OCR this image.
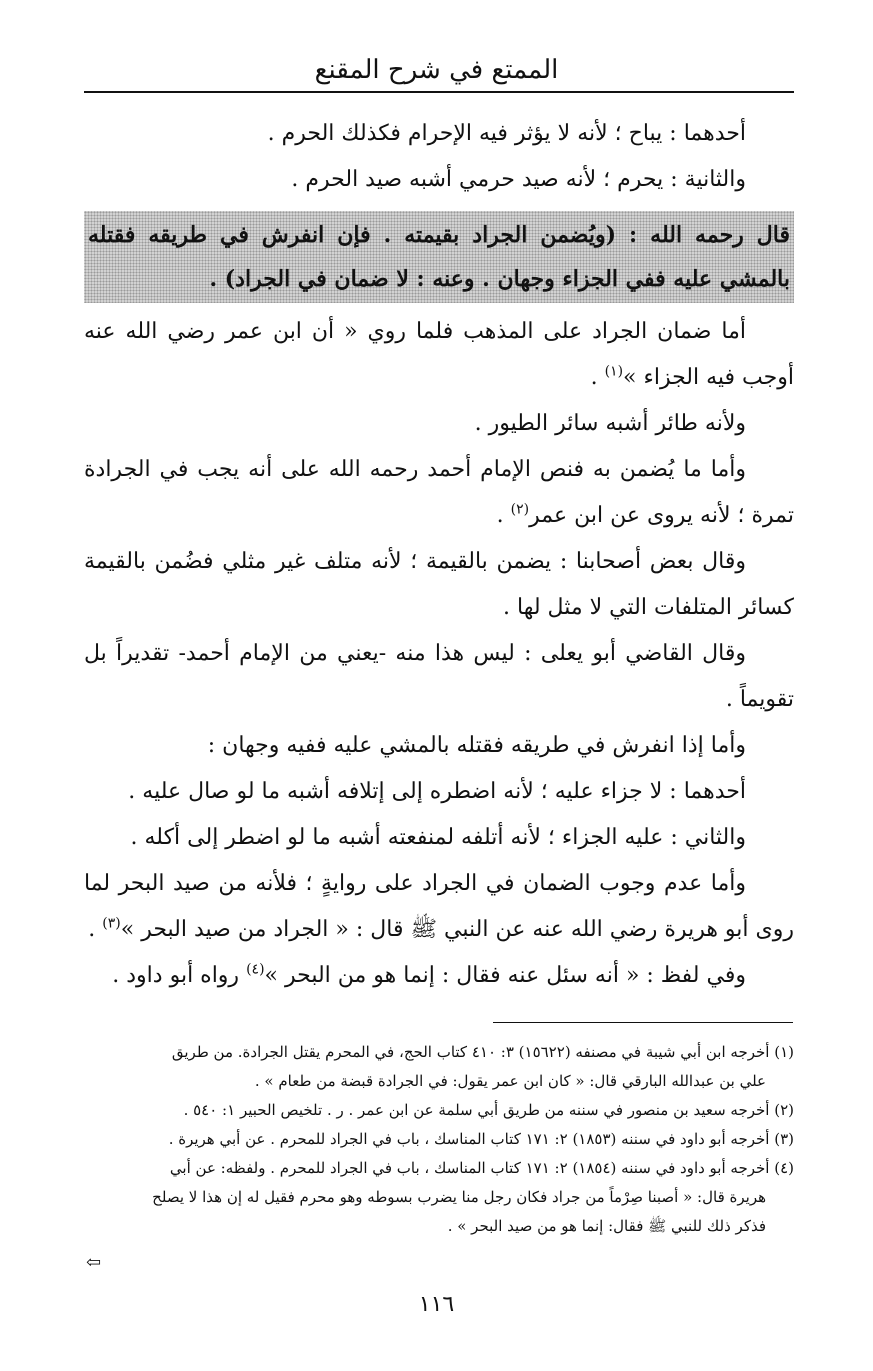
الممتع في شرح المقنع

أحدهما : يباح ؛ لأنه لا يؤثر فيه الإحرام فكذلك الحرم .

والثانية : يحرم ؛ لأنه صيد حرمي أشبه صيد الحرم .

قال رحمه الله : (ويُضمن الجراد بقيمته . فإن انفرش في طريقه فقتله بالمشي عليه ففي الجزاء وجهان . وعنه : لا ضمان في الجراد) .

أما ضمان الجراد على المذهب فلما روي « أن ابن عمر رضي الله عنه أوجب فيه الجزاء »$^{(١)}$ .

ولأنه طائر أشبه سائر الطيور .

وأما ما يُضمن به فنص الإمام أحمد رحمه الله على أنه يجب في الجرادة تمرة ؛ لأنه يروى عن ابن عمر$^{(٢)}$ .

وقال بعض أصحابنا : يضمن بالقيمة ؛ لأنه متلف غير مثلي فضُمن بالقيمة كسائر المتلفات التي لا مثل لها .

وقال القاضي أبو يعلى : ليس هذا منه -يعني من الإمام أحمد- تقديراً بل تقويماً .

وأما إذا انفرش في طريقه فقتله بالمشي عليه ففيه وجهان :

أحدهما : لا جزاء عليه ؛ لأنه اضطره إلى إتلافه أشبه ما لو صال عليه .

والثاني : عليه الجزاء ؛ لأنه أتلفه لمنفعته أشبه ما لو اضطر إلى أكله .

وأما عدم وجوب الضمان في الجراد على روايةٍ ؛ فلأنه من صيد البحر لما روى أبو هريرة رضي الله عنه عن النبي ﷺ قال : « الجراد من صيد البحر »$^{(٣)}$ .

وفي لفظ : « أنه سئل عنه فقال : إنما هو من البحر »$^{(٤)}$ رواه أبو داود .

(١) أخرجه ابن أبي شيبة في مصنفه (١٥٦٢٢) ٣: ٤١٠ كتاب الحج، في المحرم يقتل الجرادة. من طريق

علي بن عبدالله البارقي قال: « كان ابن عمر يقول: في الجرادة قبضة من طعام » .

(٢) أخرجه سعيد بن منصور في سننه من طريق أبي سلمة عن ابن عمر . ر . تلخيص الحبير ١: ٥٤٠ .

(٣) أخرجه أبو داود في سننه (١٨٥٣) ٢: ١٧١ كتاب المناسك ، باب في الجراد للمحرم . عن أبي هريرة .

(٤) أخرجه أبو داود في سننه (١٨٥٤) ٢: ١٧١ كتاب المناسك ، باب في الجراد للمحرم . ولفظه: عن أبي

هريرة قال: « أصبنا صِرْماً من جراد فكان رجل منا يضرب بسوطه وهو محرم فقيل له إن هذا لا يصلح

فذكر ذلك للنبي ﷺ فقال: إنما هو من صيد البحر » .

⇦
١١٦
